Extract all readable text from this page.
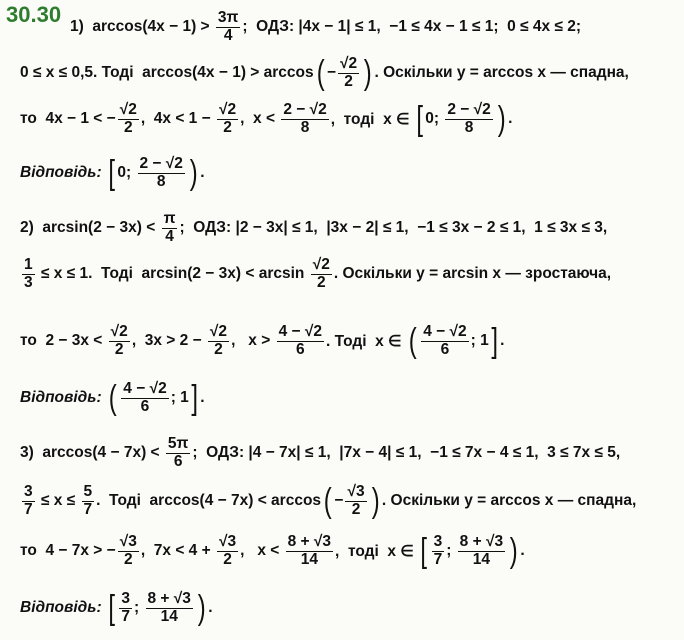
30.30 1)  $\arccos(4x - 1) > \frac{3\pi}{4}$ ;  ОДЗ: |4x − 1| ≤ 1,  −1 ≤ 4x − 1 ≤ 1;  0 ≤ 4x ≤ 2;
0 ≤ x ≤ 0,5. Тоді  arccos(4x − 1) > arccos ( − $\frac{√2}{2}$ ) . Оскільки y = arccos x — спадна,
то  4x − 1 < − $\frac{√2}{2}$ ,  $4x < 1 - \frac{√2}{2}$ ,  $x < \frac{2 - √2}{8}$ ,  тоді  x ∈ [ 0; $\frac{2 - √2}{8}$ ) .
Відповідь: [ 0; $\frac{2 - √2}{8}$ ) .
2)  $\arcsin(2 - 3x) < \frac{\pi}{4}$ ;  ОДЗ: |2 − 3x| ≤ 1,  |3x − 2| ≤ 1,  −1 ≤ 3x − 2 ≤ 1,  1 ≤ 3x ≤ 3,
$\frac{1}{3} \le x \le 1$.  Тоді  $\arcsin(2 - 3x) < \arcsin \frac{√2}{2}$ . Оскільки y = arcsin x — зростаюча,
то  $2 - 3x < \frac{√2}{2}$ ,  $3x > 2 - \frac{√2}{2}$ ,   $x > \frac{4 - √2}{6}$ . Тоді  x ∈ ( $\frac{4 - √2}{6}$ ; 1 ] .
Відповідь: ( $\frac{4 - √2}{6}$ ; 1 ] .
3)  $\arccos(4 - 7x) < \frac{5\pi}{6}$ ;  ОДЗ: |4 − 7x| ≤ 1,  |7x − 4| ≤ 1,  −1 ≤ 7x − 4 ≤ 1,  3 ≤ 7x ≤ 5,
$\frac{3}{7} \le x \le \frac{5}{7}$ .  Тоді  arccos(4 − 7x) < arccos ( − $\frac{√3}{2}$ ) . Оскільки y = arccos x — спадна,
то  4 − 7x > − $\frac{√3}{2}$ ,  $7x < 4 + \frac{√3}{2}$ ,   $x < \frac{8 + √3}{14}$ ,  тоді  x ∈ [ $\frac{3}{7}$ ; $\frac{8 + √3}{14}$ ) .
Відповідь: [ $\frac{3}{7}$ ; $\frac{8 + √3}{14}$ ) .
